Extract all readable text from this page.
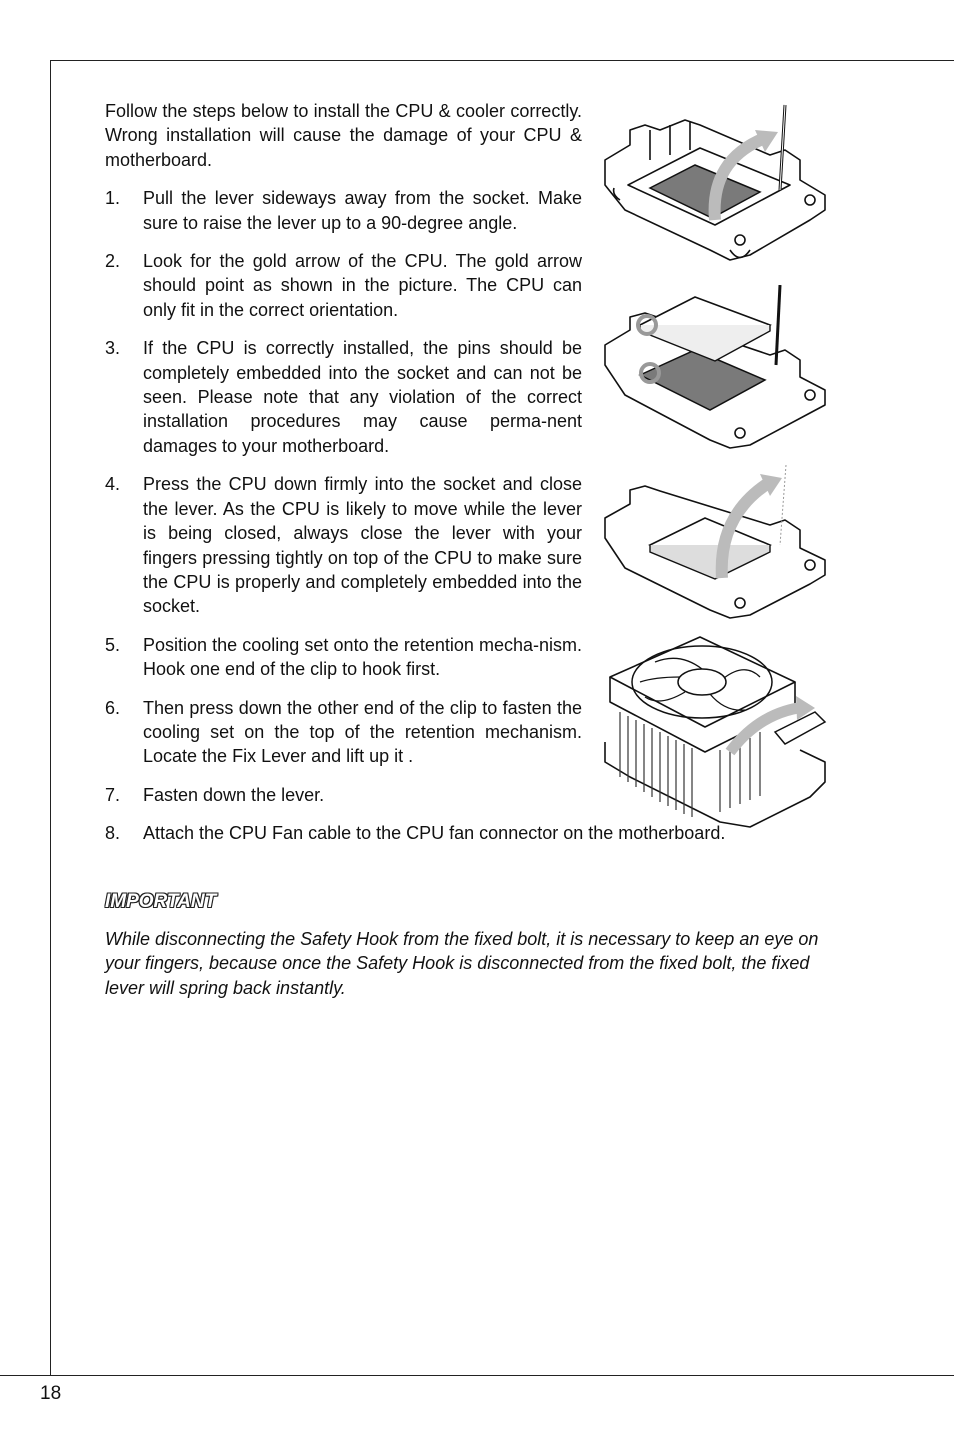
Follow the steps below to install the CPU & cooler correctly. Wrong installation will cause the damage of your CPU & motherboard.

1. Pull the lever sideways away from the socket. Make sure to raise the lever up to a 90-degree angle.
2. Look for the gold arrow of the CPU. The gold arrow should point as shown in the picture. The CPU can only fit in the correct orientation.
3. If the CPU is correctly installed, the pins should be completely embedded into the socket and can not be seen. Please note that any violation of the correct installation procedures may cause perma-nent damages to your motherboard.
4. Press the CPU down firmly into the socket and close the lever. As the CPU is likely to move while the lever is being closed, always close the lever with your fingers pressing tightly on top of the CPU to make sure the CPU is properly and completely embedded into the socket.
5. Position the cooling set onto the retention mecha-nism. Hook one end of the clip to hook first.
6. Then press down the other end of the clip to fasten the cooling set on the top of the retention mechanism. Locate the Fix Lever and lift up it .
7. Fasten down the lever.
8. Attach the CPU Fan cable to the CPU fan connector on the motherboard.
IMPORTANT
While disconnecting the Safety Hook from the fixed bolt, it is necessary to keep an eye on your fingers, because once the Safety Hook is disconnected from the fixed bolt, the fixed lever will spring back instantly.
18
